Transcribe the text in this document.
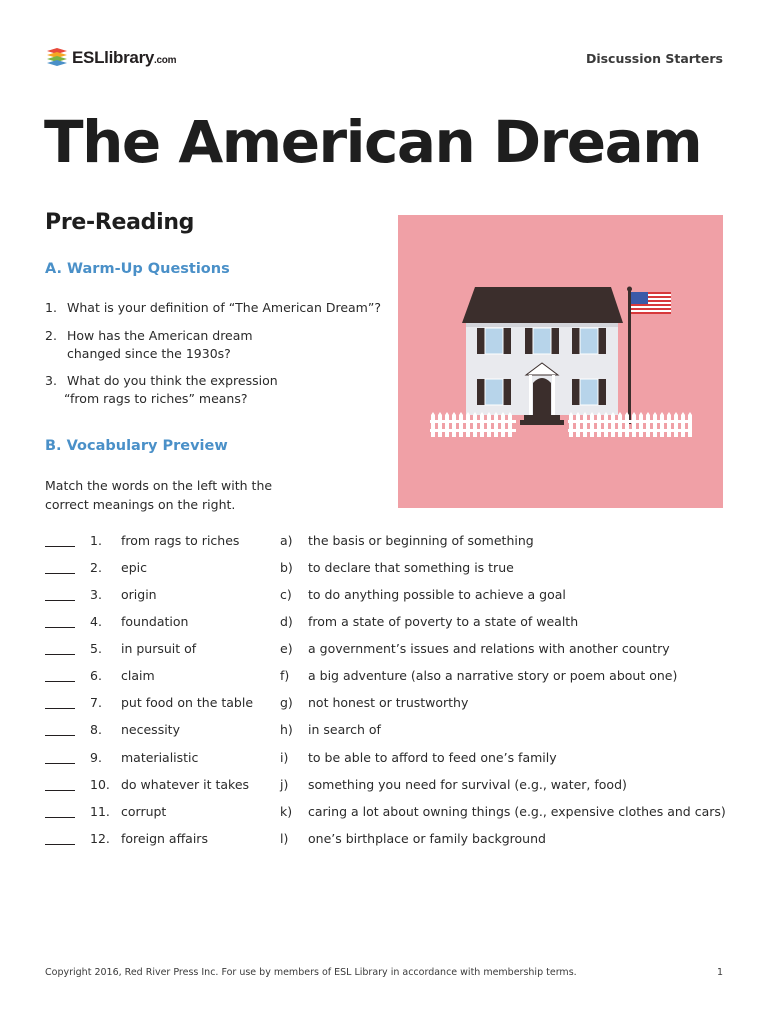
ESLlibrary.com	Discussion Starters
The American Dream
Pre-Reading
A. Warm-Up Questions
1. What is your definition of “The American Dream”?
2. How has the American dream
changed since the 1930s?
3. What do you think the expression
“from rags to riches” means?
B. Vocabulary Preview
Match the words on the left with the correct meanings on the right.
1. from rags to riches	a) the basis or beginning of something
2. epic	b) to declare that something is true
3. origin	c) to do anything possible to achieve a goal
4. foundation	d) from a state of poverty to a state of wealth
5. in pursuit of	e) a government’s issues and relations with another country
6. claim	f) a big adventure (also a narrative story or poem about one)
7. put food on the table g) not honest or trustworthy
8. necessity	h) in search of
9. materialistic	i) to be able to afford to feed one’s family
10. do whatever it takes j) something you need for survival (e.g., water, food)
11. corrupt	k) caring a lot about owning things (e.g., expensive clothes and cars)
12. foreign affairs	l) one’s birthplace or family background
Copyright 2016, Red River Press Inc. For use by members of ESL Library in accordance with membership terms.	1
